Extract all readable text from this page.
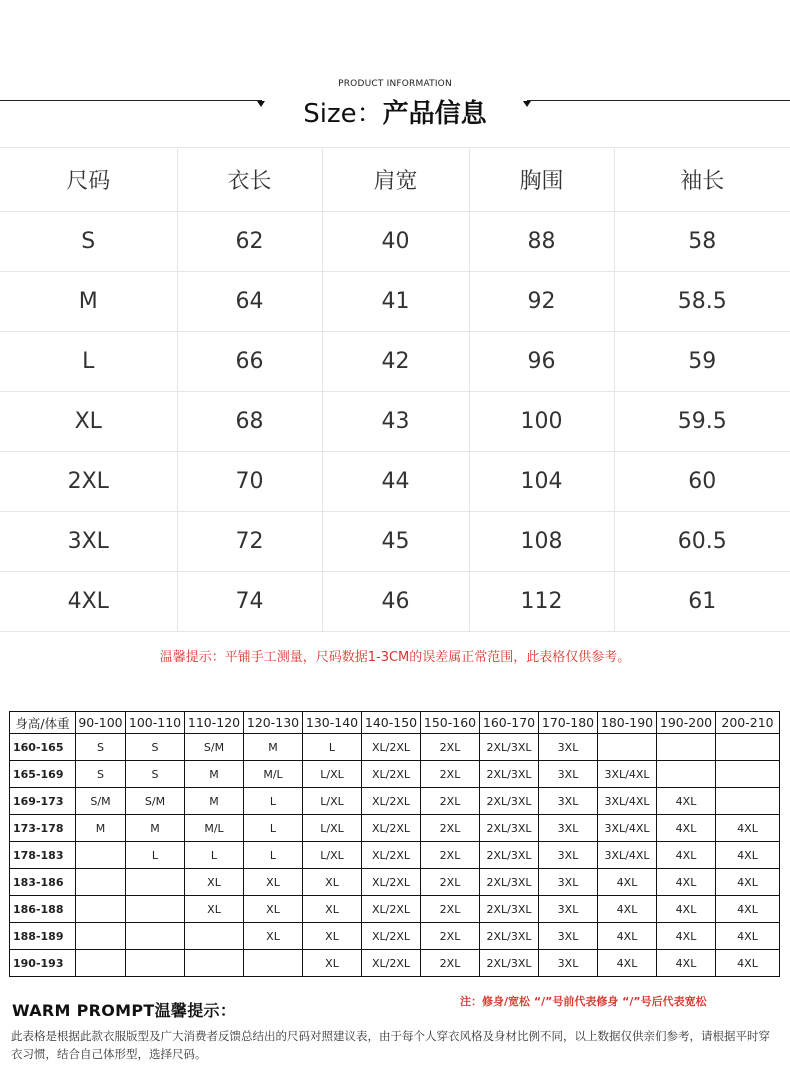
PRODUCT INFORMATION
Size：产品信息
尺码	衣长	肩宽	胸围	袖长
S	62	40	88	58
M	64	41	92	58.5
L	66	42	96	59
XL	68	43	100	59.5
2XL	70	44	104	60
3XL	72	45	108	60.5
4XL	74	46	112	61
温馨提示：平铺手工测量，尺码数据1-3CM的误差属正常范围，此表格仅供参考。
身高/体重	90-100	100-110	110-120	120-130	130-140	140-150	150-160	160-170	170-180	180-190	190-200	200-210
160-165	S	S	S/M	M	L	XL/2XL	2XL	2XL/3XL	3XL			
165-169	S	S	M	M/L	L/XL	XL/2XL	2XL	2XL/3XL	3XL	3XL/4XL		
169-173	S/M	S/M	M	L	L/XL	XL/2XL	2XL	2XL/3XL	3XL	3XL/4XL	4XL	
173-178	M	M	M/L	L	L/XL	XL/2XL	2XL	2XL/3XL	3XL	3XL/4XL	4XL	4XL
178-183		L	L	L	L/XL	XL/2XL	2XL	2XL/3XL	3XL	3XL/4XL	4XL	4XL
183-186			XL	XL	XL	XL/2XL	2XL	2XL/3XL	3XL	4XL	4XL	4XL
186-188			XL	XL	XL	XL/2XL	2XL	2XL/3XL	3XL	4XL	4XL	4XL
188-189				XL	XL	XL/2XL	2XL	2XL/3XL	3XL	4XL	4XL	4XL
190-193					XL	XL/2XL	2XL	2XL/3XL	3XL	4XL	4XL	4XL
WARM PROMPT温馨提示：	注：修身/宽松 “/”号前代表修身 “/”号后代表宽松
此表格是根据此款衣服版型及广大消费者反馈总结出的尺码对照建议表，由于每个人穿衣风格及身材比例不同，以上数据仅供亲们参考，请根据平时穿衣习惯，结合自己体形型，选择尺码。
